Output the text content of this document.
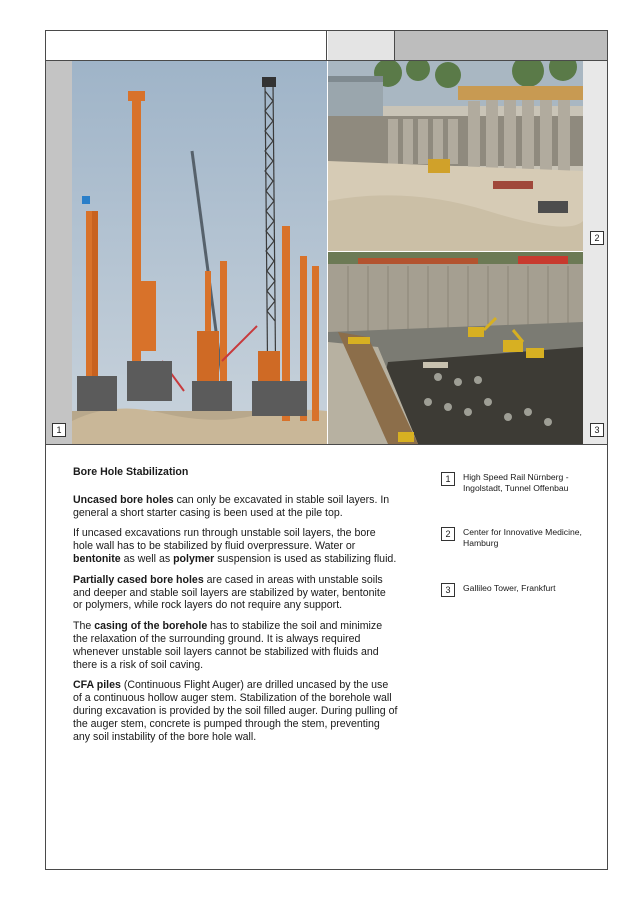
1
2
3
Bore Hole Stabilization

Uncased bore holes can only be excavated in stable soil layers. In general a short starter casing is been used at the pile top.

If uncased excavations run through unstable soil layers, the bore hole wall has to be stabilized by fluid overpressure. Water or bentonite as well as polymer suspension is used as stabilizing fluid.

Partially cased bore holes are cased in areas with unstable soils and deeper and stable soil layers are stabilized by water, bentonite or polymers, while rock layers do not require any support.

The casing of the borehole has to stabilize the soil and minimize the relaxation of the surrounding ground. It is always required whenever unstable soil layers cannot be stabilized with fluids and there is a risk of soil caving.

CFA piles (Continuous Flight Auger) are drilled uncased by the use of a continuous hollow auger stem. Stabilization of the borehole wall during excavation is provided by the soil filled auger. During pulling of the auger stem, concrete is pumped through the stem, preventing any soil instability of the bore hole wall.

1	High Speed Rail Nürnberg - Ingolstadt, Tunnel Offenbau
2	Center for Innovative Medicine, Hamburg
3	Gallileo Tower, Frankfurt
